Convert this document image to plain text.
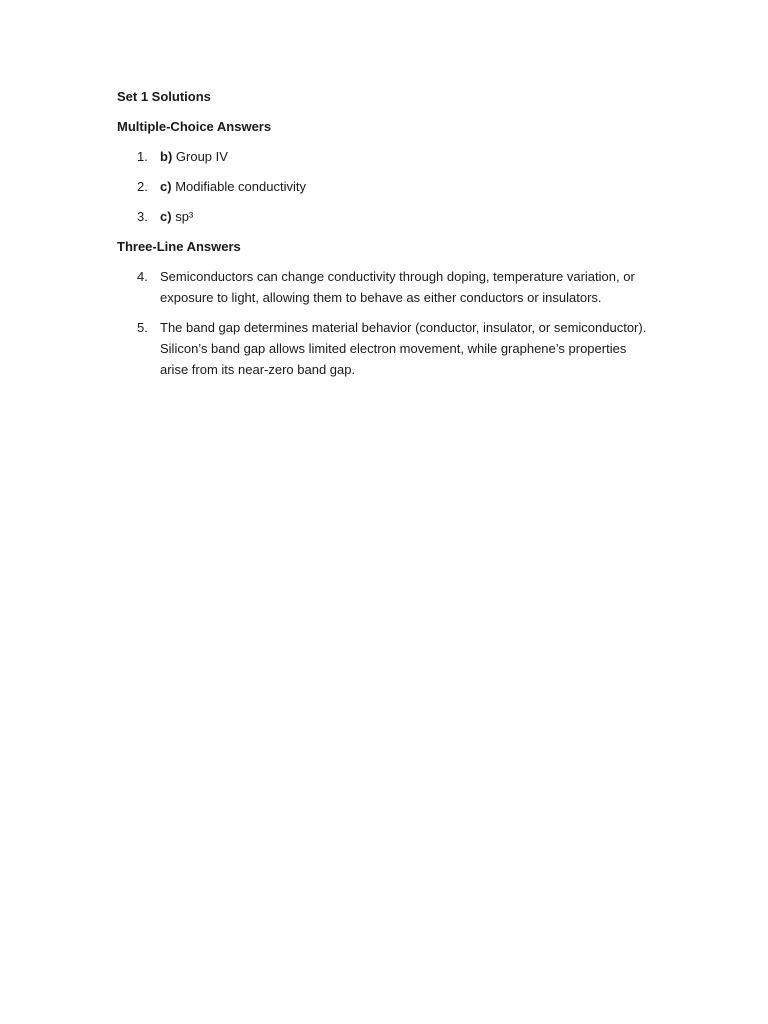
Set 1 Solutions
Multiple-Choice Answers
1. b) Group IV
2. c) Modifiable conductivity
3. c) sp³
Three-Line Answers
4. Semiconductors can change conductivity through doping, temperature variation, or exposure to light, allowing them to behave as either conductors or insulators.
5. The band gap determines material behavior (conductor, insulator, or semiconductor). Silicon’s band gap allows limited electron movement, while graphene’s properties arise from its near-zero band gap.
